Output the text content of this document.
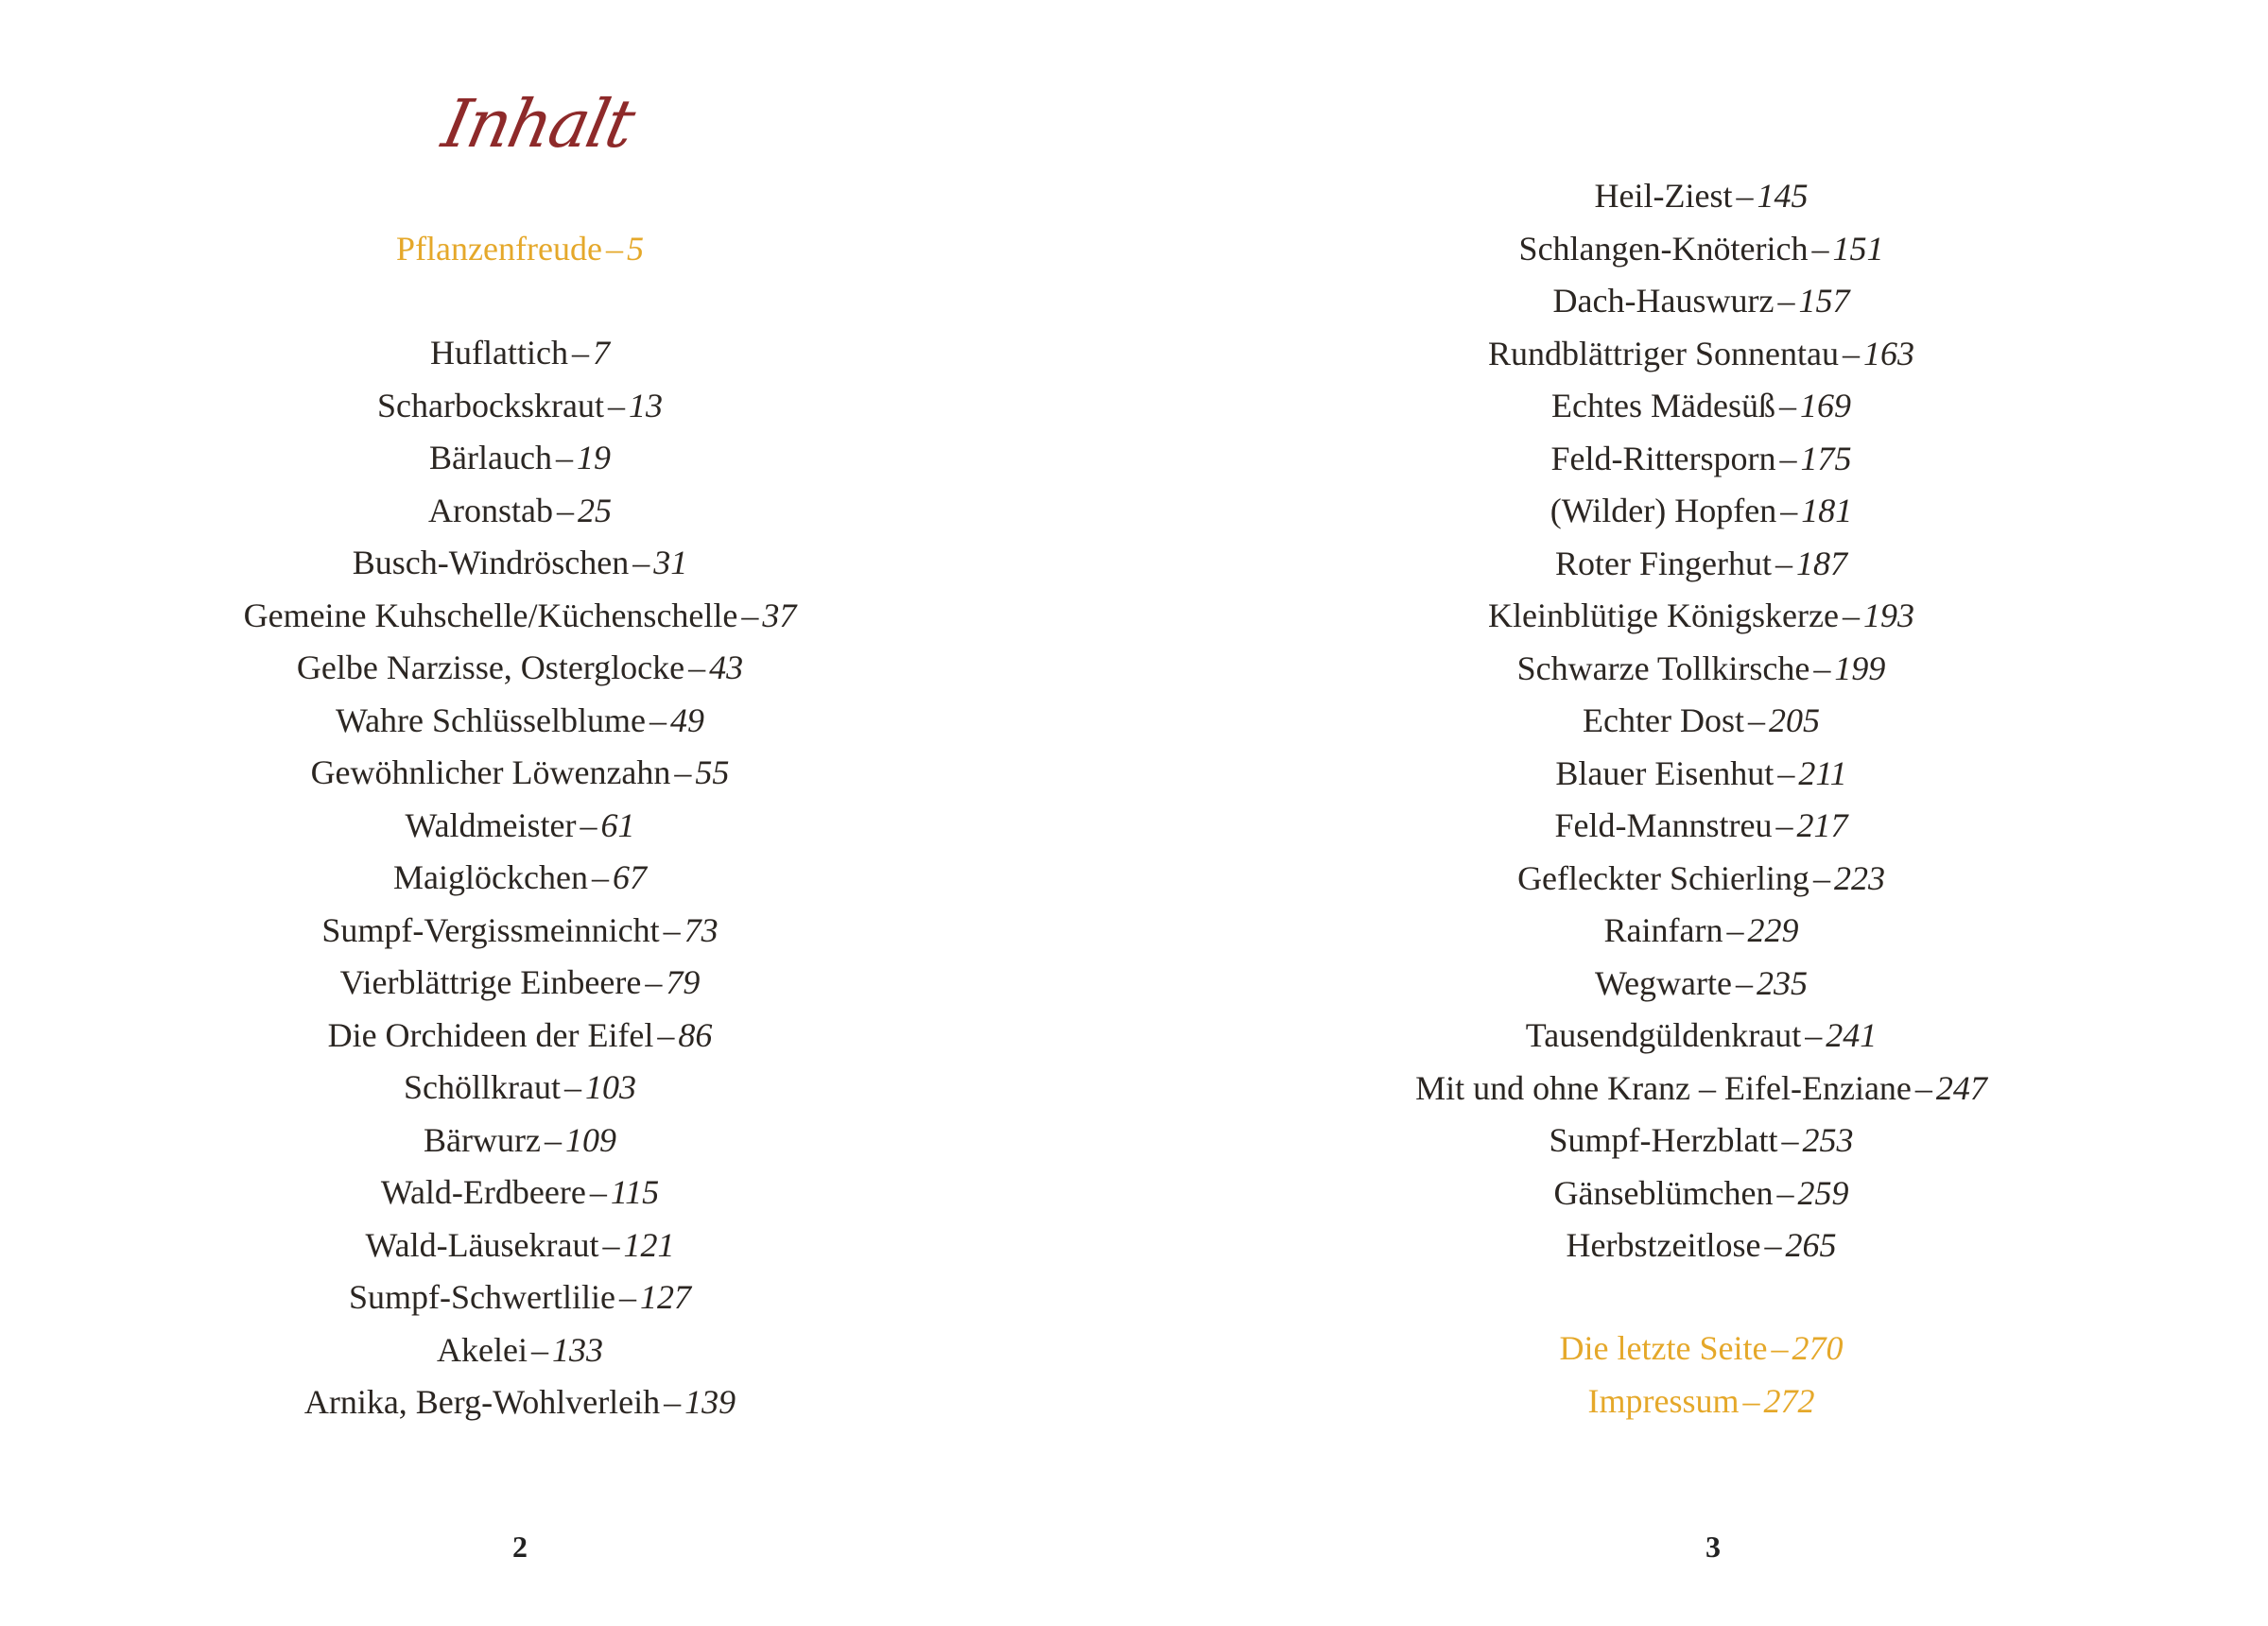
Inhalt
Pflanzenfreude – 5
Huflattich – 7
Scharbockskraut – 13
Bärlauch – 19
Aronstab – 25
Busch-Windröschen – 31
Gemeine Kuhschelle/Küchenschelle – 37
Gelbe Narzisse, Osterglocke – 43
Wahre Schlüsselblume – 49
Gewöhnlicher Löwenzahn – 55
Waldmeister – 61
Maiglöckchen – 67
Sumpf-Vergissmeinnicht – 73
Vierblättrige Einbeere – 79
Die Orchideen der Eifel – 86
Schöllkraut – 103
Bärwurz – 109
Wald-Erdbeere – 115
Wald-Läusekraut – 121
Sumpf-Schwertlilie – 127
Akelei – 133
Arnika, Berg-Wohlverleih – 139
2
Heil-Ziest – 145
Schlangen-Knöterich – 151
Dach-Hauswurz – 157
Rundblättriger Sonnentau – 163
Echtes Mädesüß – 169
Feld-Rittersporn – 175
(Wilder) Hopfen – 181
Roter Fingerhut – 187
Kleinblütige Königskerze – 193
Schwarze Tollkirsche – 199
Echter Dost – 205
Blauer Eisenhut – 211
Feld-Mannstreu – 217
Gefleckter Schierling – 223
Rainfarn – 229
Wegwarte – 235
Tausendgüldenkraut – 241
Mit und ohne Kranz – Eifel-Enziane – 247
Sumpf-Herzblatt – 253
Gänseblümchen – 259
Herbstzeitlose – 265
Die letzte Seite – 270
Impressum – 272
3
